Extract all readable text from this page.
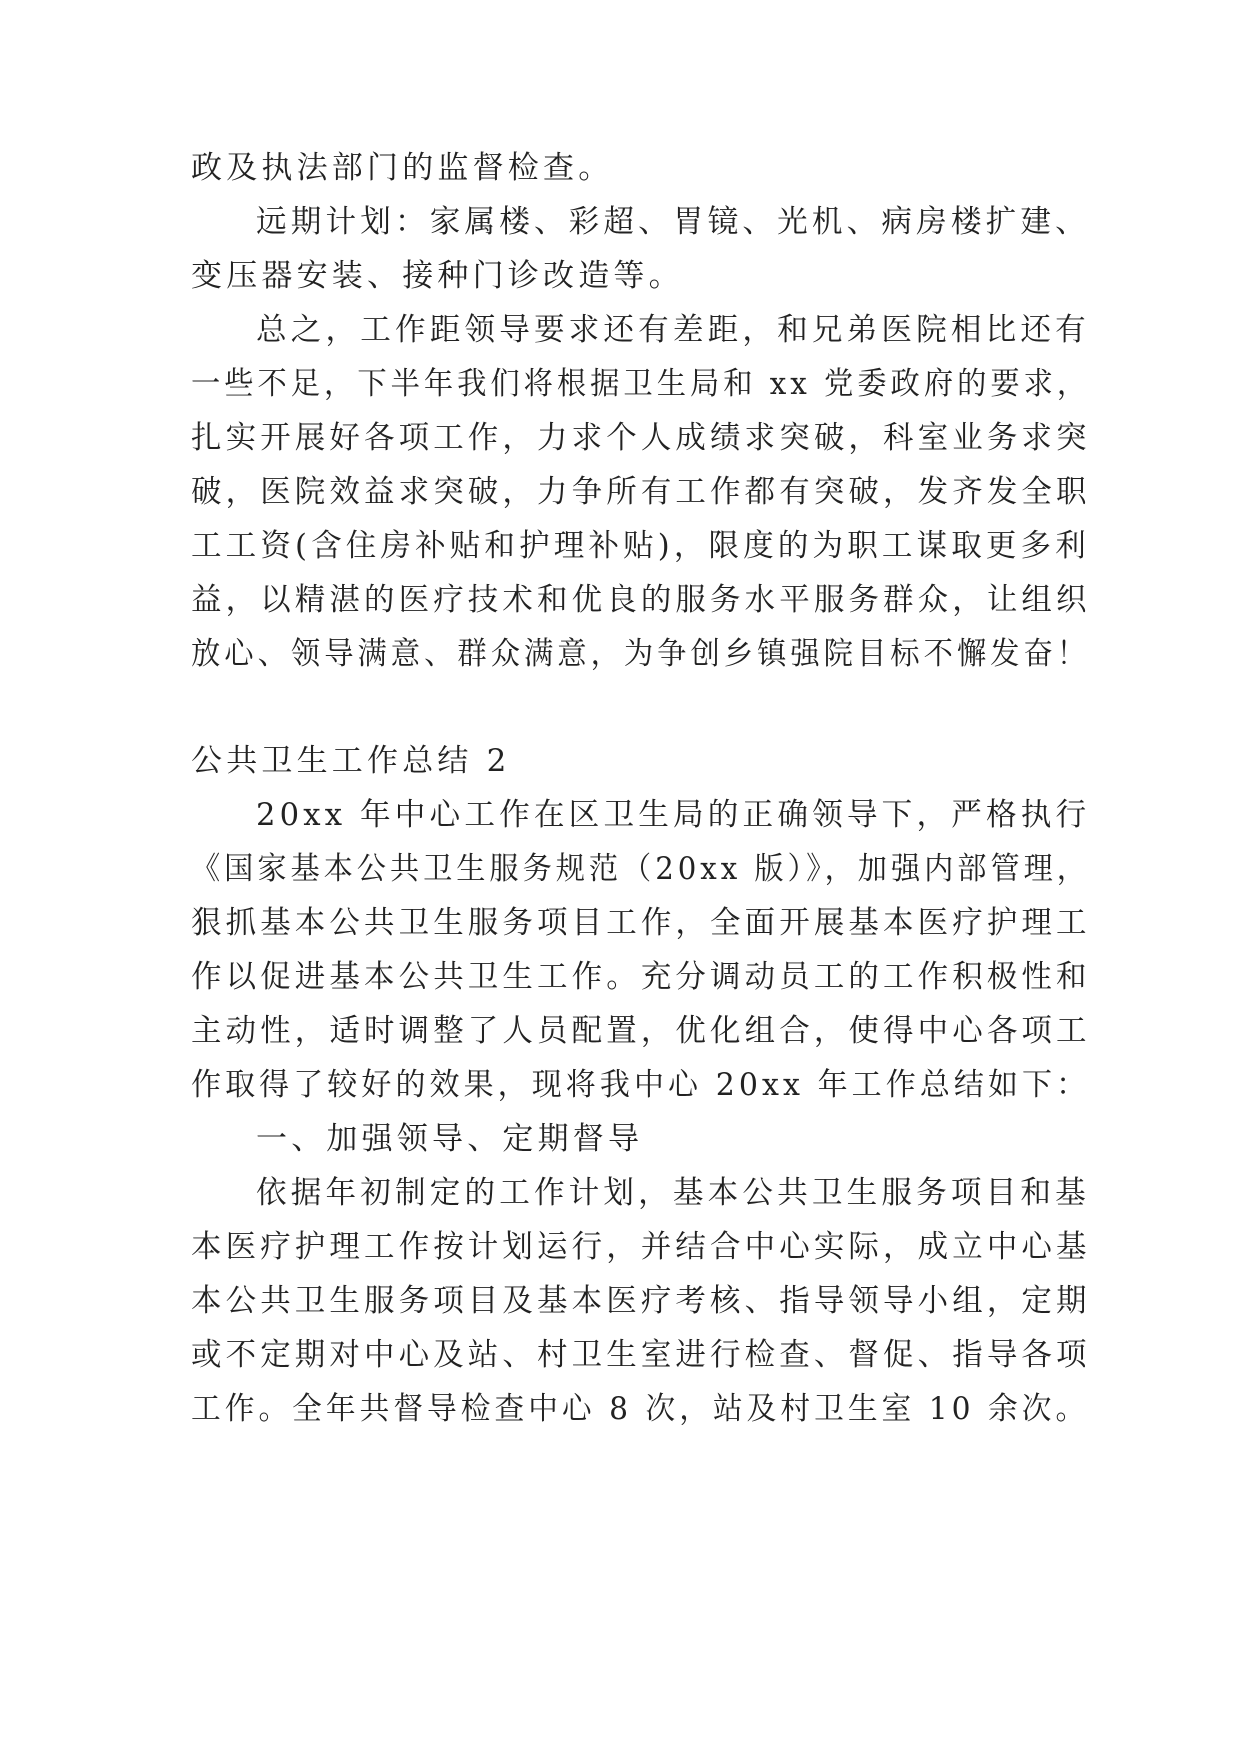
政及执法部门的监督检查。
远期计划：家属楼、彩超、胃镜、光机、病房楼扩建、
变压器安装、接种门诊改造等。
总之，工作距领导要求还有差距，和兄弟医院相比还有
一些不足，下半年我们将根据卫生局和 xx 党委政府的要求，
扎实开展好各项工作，力求个人成绩求突破，科室业务求突
破，医院效益求突破，力争所有工作都有突破，发齐发全职
工工资(含住房补贴和护理补贴)，限度的为职工谋取更多利
益，以精湛的医疗技术和优良的服务水平服务群众，让组织
放心、领导满意、群众满意，为争创乡镇强院目标不懈发奋！
公共卫生工作总结 2
20xx 年中心工作在区卫生局的正确领导下，严格执行
《国家基本公共卫生服务规范（20xx 版）》，加强内部管理，
狠抓基本公共卫生服务项目工作，全面开展基本医疗护理工
作以促进基本公共卫生工作。充分调动员工的工作积极性和
主动性，适时调整了人员配置，优化组合，使得中心各项工
作取得了较好的效果，现将我中心 20xx 年工作总结如下：
一、加强领导、定期督导
依据年初制定的工作计划，基本公共卫生服务项目和基
本医疗护理工作按计划运行，并结合中心实际，成立中心基
本公共卫生服务项目及基本医疗考核、指导领导小组，定期
或不定期对中心及站、村卫生室进行检查、督促、指导各项
工作。全年共督导检查中心 8 次，站及村卫生室 10 余次。
